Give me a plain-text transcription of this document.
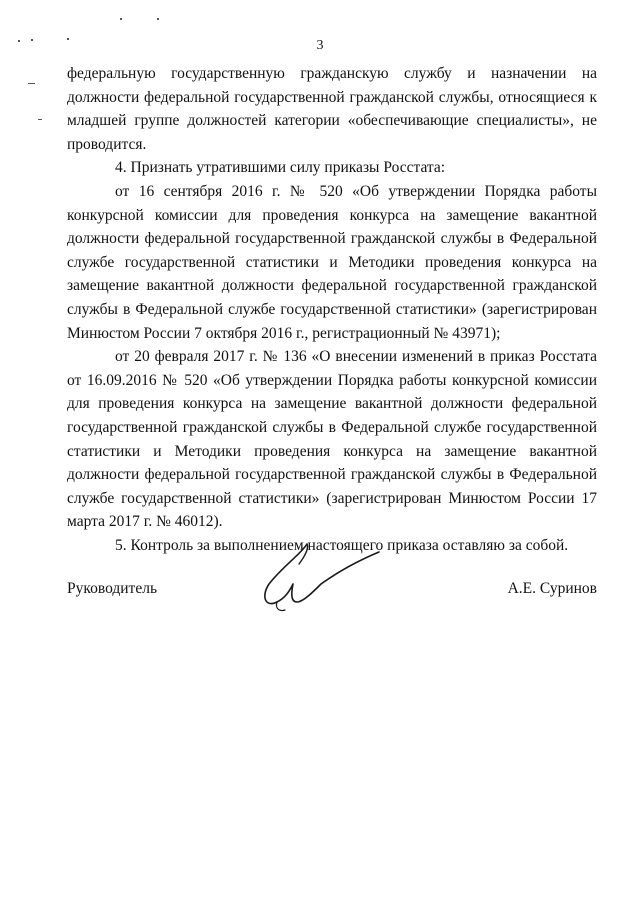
3

федеральную государственную гражданскую службу и назначении на должности федеральной государственной гражданской службы, относящиеся к младшей группе должностей категории «обеспечивающие специалисты», не проводится.

4. Признать утратившими силу приказы Росстата:

от 16 сентября 2016 г. № 520 «Об утверждении Порядка работы конкурсной комиссии для проведения конкурса на замещение вакантной должности федеральной государственной гражданской службы в Федеральной службе государственной статистики и Методики проведения конкурса на замещение вакантной должности федеральной государственной гражданской службы в Федеральной службе государственной статистики» (зарегистрирован Минюстом России 7 октября 2016 г., регистрационный № 43971);

от 20 февраля 2017 г. № 136 «О внесении изменений в приказ Росстата от 16.09.2016 № 520 «Об утверждении Порядка работы конкурсной комиссии для проведения конкурса на замещение вакантной должности федеральной государственной гражданской службы в Федеральной службе государственной статистики и Методики проведения конкурса на замещение вакантной должности федеральной государственной гражданской службы в Федеральной службе государственной статистики» (зарегистрирован Минюстом России 17 марта 2017 г. № 46012).

5. Контроль за выполнением настоящего приказа оставляю за собой.

Руководитель	А.Е. Суринов
